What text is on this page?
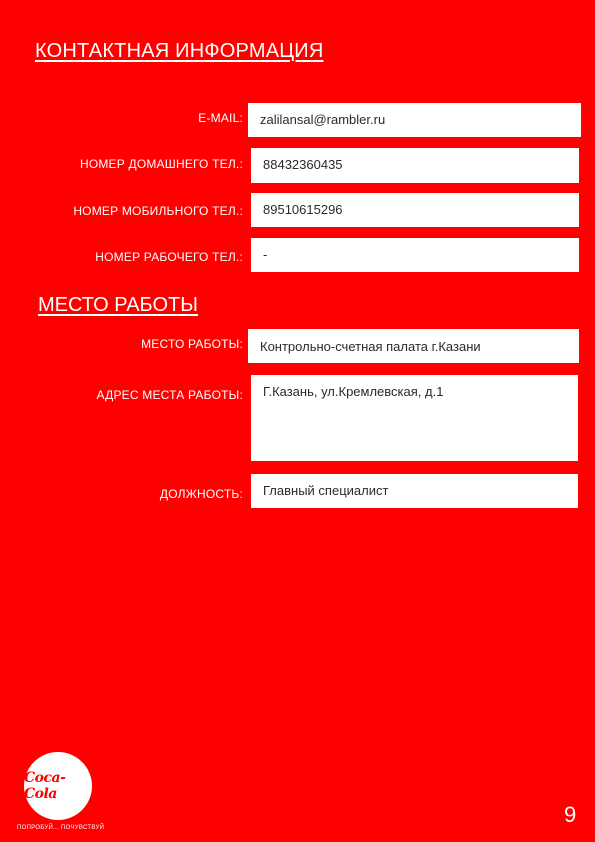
КОНТАКТНАЯ ИНФОРМАЦИЯ
E-MAIL:	zalilansal@rambler.ru
НОМЕР ДОМАШНЕГО ТЕЛ.:	88432360435
НОМЕР МОБИЛЬНОГО ТЕЛ.:	89510615296
НОМЕР РАБОЧЕГО ТЕЛ.:	-
МЕСТО РАБОТЫ
МЕСТО РАБОТЫ:	Контрольно-счетная палата г.Казани
АДРЕС МЕСТА РАБОТЫ:	Г.Казань, ул.Кремлевская, д.1
ДОЛЖНОСТЬ:	Главный специалист
Coca-Cola
ПОПРОБУЙ... ПОЧУВСТВУЙ
9
